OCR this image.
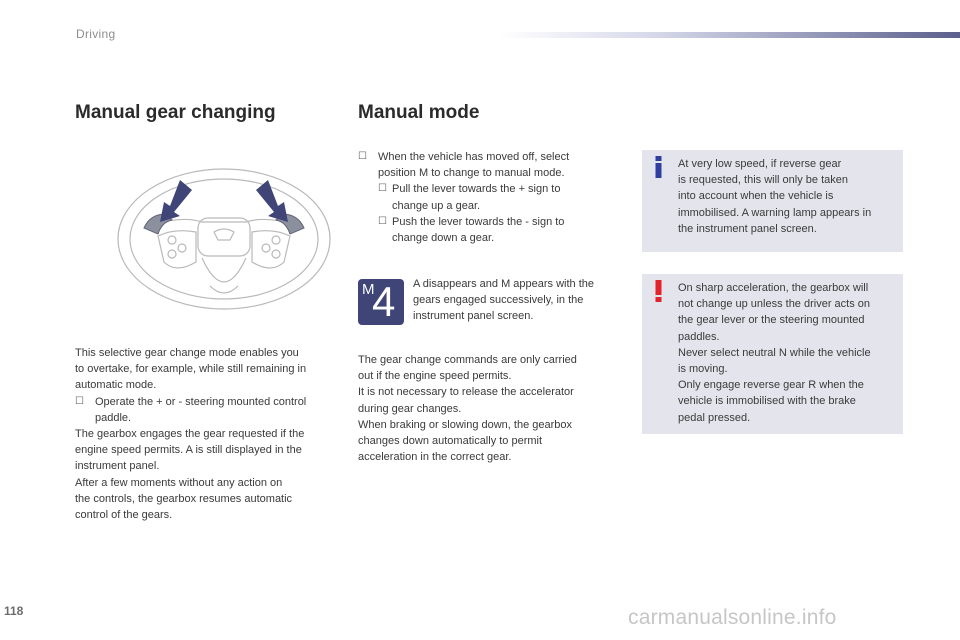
Driving
Manual gear changing

This selective gear change mode enables you

to overtake, for example, while still remaining in

automatic mode.

☐	Operate the + or - steering mounted control
paddle.

The gearbox engages the gear requested if the

engine speed permits. A is still displayed in the

instrument panel.

After a few moments without any action on

the controls, the gearbox resumes automatic

control of the gears.

Manual mode
☐	When the vehicle has moved off, select
position M to change to manual mode.
☐ Pull the lever towards the + sign to
change up a gear.
☐ Push the lever towards the - sign to
change down a gear.
M
4 A disappears and M appears with the

gears engaged successively, in the

instrument panel screen.

The gear change commands are only carried

out if the engine speed permits.

It is not necessary to release the accelerator

during gear changes.

When braking or slowing down, the gearbox

changes down automatically to permit

acceleration in the correct gear.

At very low speed, if reverse gear

is requested, this will only be taken

into account when the vehicle is

immobilised. A warning lamp appears in

the instrument panel screen.

On sharp acceleration, the gearbox will

not change up unless the driver acts on

the gear lever or the steering mounted

paddles.

Never select neutral N while the vehicle

is moving.

Only engage reverse gear R when the

vehicle is immobilised with the brake

pedal pressed.

118	carmanualsonline.info
